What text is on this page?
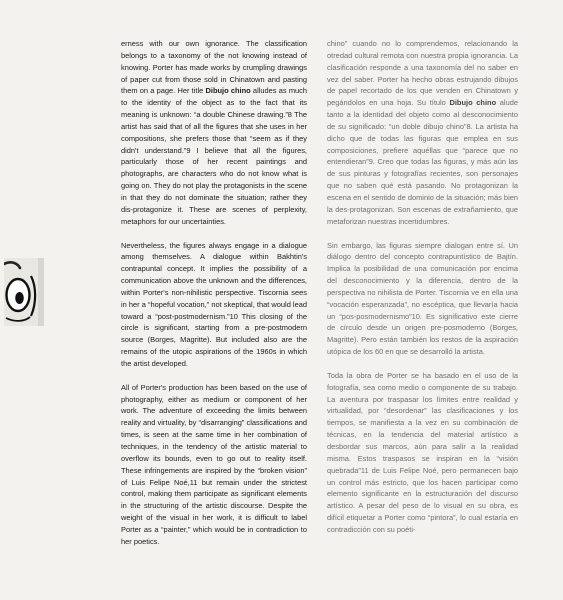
erness with our own ignorance. The classification belongs to a taxonomy of the not knowing instead of knowing. Porter has made works by crumpling drawings of paper cut from those sold in Chinatown and pasting them on a page. Her title Dibujo chino alludes as much to the identity of the object as to the fact that its meaning is unknown: “a double Chinese drawing.”8 The artist has said that of all the figures that she uses in her compositions, she prefers those that “seem as if they didn't understand.”9 I believe that all the figures, particularly those of her recent paintings and photographs, are characters who do not know what is going on. They do not play the protagonists in the scene in that they do not dominate the situation; rather they dis-protagonize it. These are scenes of perplexity, metaphors for our uncertainties.

Nevertheless, the figures always engage in a dialogue among themselves. A dialogue within Bakhtin's contrapuntal concept. It implies the possibility of a communication above the unknown and the differences, within Porter's non-nihilistic perspective. Tiscornia sees in her a “hopeful vocation,” not skeptical, that would lead toward a “post-postmodernism.”10 This closing of the circle is significant, starting from a pre-postmodern source (Borges, Magritte). But included also are the remains of the utopic aspirations of the 1960s in which the artist developed.

All of Porter's production has been based on the use of photography, either as medium or component of her work. The adventure of exceeding the limits between reality and virtuality, by “disarranging” classifications and times, is seen at the same time in her combination of techniques, in the tendency of the artistic material to overflow its bounds, even to go out to reality itself. These infringements are inspired by the “broken vision” of Luis Felipe Noé,11 but remain under the strictest control, making them participate as significant elements in the structuring of the artistic discourse. Despite the weight of the visual in her work, it is difficult to label Porter as a “painter,” which would be in contradiction to her poetics.

chino” cuando no lo comprendemos, relacionando la otredad cultural remota con nuestra propia ignorancia. La clasificación responde a una taxonomía del no saber en vez del saber. Porter ha hecho obras estrujando dibujos de papel recortado de los que venden en Chinatown y pegándolos en una hoja. Su título Dibujo chino alude tanto a la identidad del objeto como al desconocimiento de su significado: “un doble dibujo chino”8. La artista ha dicho que de todas las figuras que emplea en sus composiciones, prefiere aquéllas que “parece que no entendieran”9. Creo que todas las figuras, y más aún las de sus pinturas y fotografías recientes, son personajes que no saben qué está pasando. No protagonizan la escena en el sentido de dominio de la situación; más bien la des-protagonizan. Son escenas de extrañamiento, que metaforizan nuestras incertidumbres.

Sin embargo, las figuras siempre dialogan entre sí. Un diálogo dentro del concepto contrapuntístico de Bajtín. Implica la posibilidad de una comunicación por encima del desconocimiento y la diferencia, dentro de la perspectiva no nihilista de Porter. Tiscornia ve en ella una “vocación esperanzada”, no escéptica, que llevaría hacia un “pos-posmodernismo”10. Es significativo este cierre de círculo desde un origen pre-posmoderno (Borges, Magritte). Pero están también los restos de la aspiración utópica de los 60 en que se desarrolló la artista.

Toda la obra de Porter se ha basado en el uso de la fotografía, sea como medio o componente de su trabajo. La aventura por traspasar los límites entre realidad y virtualidad, por “desordenar” las clasificaciones y los tiempos, se manifiesta a la vez en su combinación de técnicas, en la tendencia del material artístico a desbordar sus marcos, aún para salir a la realidad misma. Estos traspasos se inspiran en la “visión quebrada”11 de Luis Felipe Noé, pero permanecen bajo un control más estricto, que los hacen participar como elemento significante en la estructuración del discurso artístico. A pesar del peso de lo visual en su obra, es difícil etiquetar a Porter como “pintora”, lo cual estaría en contradicción con su poéti-
